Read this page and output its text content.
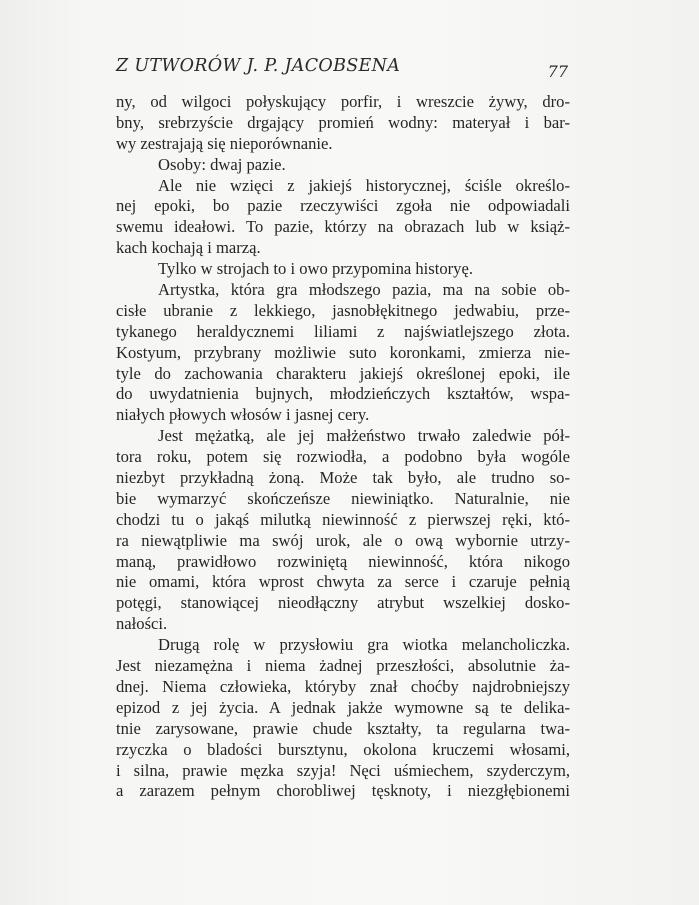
Z UTWORÓW J. P. JACOBSENA	77
ny, od wilgoci połyskujący porfir, i wreszcie żywy, dro-
bny, srebrzyście drgający promień wodny: materyał i bar-
wy zestrajają się nieporównanie.
Osoby: dwaj pazie.
Ale nie wzięci z jakiejś historycznej, ściśle określo-
nej epoki, bo pazie rzeczywiści zgoła nie odpowiadali
swemu ideałowi. To pazie, którzy na obrazach lub w książ-
kach kochają i marzą.
Tylko w strojach to i owo przypomina historyę.
Artystka, która gra młodszego pazia, ma na sobie ob-
cisłe ubranie z lekkiego, jasnobłękitnego jedwabiu, prze-
tykanego heraldycznemi liliami z najświatlejszego złota.
Kostyum, przybrany możliwie suto koronkami, zmierza nie-
tyle do zachowania charakteru jakiejś określonej epoki, ile
do uwydatnienia bujnych, młodzieńczych kształtów, wspa-
niałych płowych włosów i jasnej cery.
Jest mężatką, ale jej małżeństwo trwało zaledwie pół-
tora roku, potem się rozwiodła, a podobno była wogóle
niezbyt przykładną żoną. Może tak było, ale trudno so-
bie wymarzyć skończeńsze niewiniątko. Naturalnie, nie
chodzi tu o jakąś milutką niewinność z pierwszej ręki, któ-
ra niewątpliwie ma swój urok, ale o ową wybornie utrzy-
maną, prawidłowo rozwiniętą niewinność, która nikogo
nie omami, która wprost chwyta za serce i czaruje pełnią
potęgi, stanowiącej nieodłączny atrybut wszelkiej dosko-
nałości.
Drugą rolę w przysłowiu gra wiotka melancholiczka.
Jest niezamężna i niema żadnej przeszłości, absolutnie ża-
dnej. Niema człowieka, któryby znał choćby najdrobniejszy
epizod z jej życia. A jednak jakże wymowne są te delika-
tnie zarysowane, prawie chude kształty, ta regularna twa-
rzyczka o bladości bursztynu, okolona kruczemi włosami,
i silna, prawie męzka szyja! Nęci uśmiechem, szyderczym,
a zarazem pełnym chorobliwej tęsknoty, i niezgłębionemi
